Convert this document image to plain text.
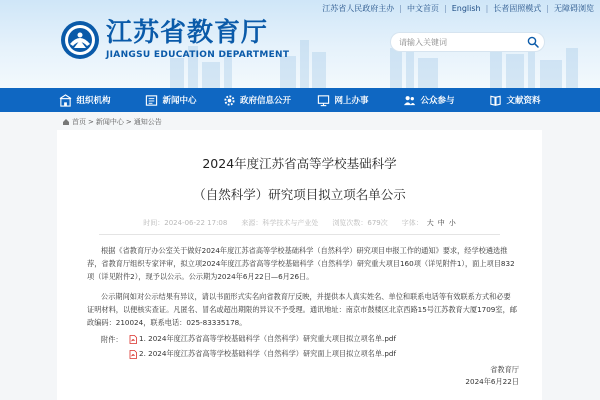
江苏省人民政府主办 | 中文首页 | English | 长者固照模式 | 无障碍浏览
江苏省教育厅
JIANGSU EDUCATION DEPARTMENT
请输入关键词
组织机构	新闻中心	政府信息公开	网上办事	公众参与	文献资料
首页 > 新闻中心 > 通知公告
2024年度江苏省高等学校基础科学
（自然科学）研究项目拟立项名单公示
时间：2024-06-22 17:08 来源：科学技术与产业处 浏览次数：679次 字体： 大 中 小
根据《省教育厅办公室关于做好2024年度江苏省高等学校基础科学（自然科学）研究项目申报工作的通知》要求，经学校遴选推荐，省教育厅组织专家评审，拟立项2024年度江苏省高等学校基础科学（自然科学）研究重大项目160项（详见附件1），面上项目832项（详见附件2），现予以公示。公示期为2024年6月22日—6月26日。
公示期间如对公示结果有异议，请以书面形式实名向省教育厅反映，并提供本人真实姓名、单位和联系电话等有效联系方式和必要证明材料，以便核实查证。凡匿名、冒名或超出期限的异议不予受理。通讯地址：南京市鼓楼区北京西路15号江苏教育大厦1709室，邮政编码：210024，联系电话：025-83335178。
附件： 1. 2024年度江苏省高等学校基础科学（自然科学）研究重大项目拟立项名单.pdf
2. 2024年度江苏省高等学校基础科学（自然科学）研究面上项目拟立项名单.pdf
省教育厅
2024年6月22日
